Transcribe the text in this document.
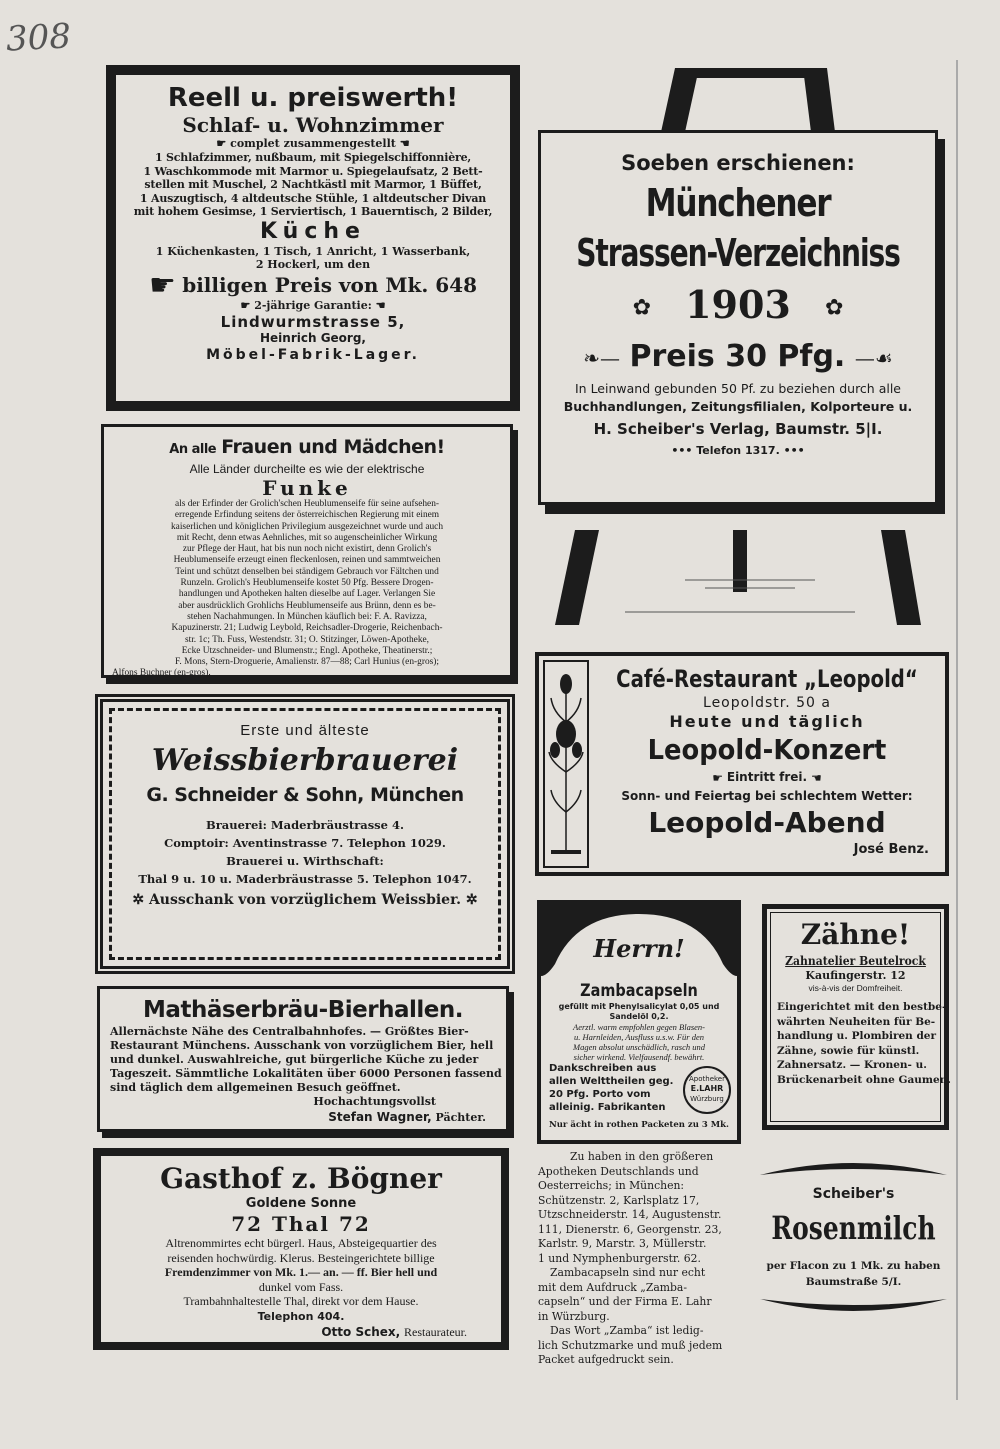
308
Reell u. preiswerth!
Schlaf- u. Wohnzimmer
☛ complet zusammengestellt ☚
1 Schlafzimmer, nußbaum, mit Spiegelschiffonnière,
1 Waschkommode mit Marmor u. Spiegelaufsatz, 2 Bett-
stellen mit Muschel, 2 Nachtkästl mit Marmor, 1 Büffet,
1 Auszugtisch, 4 altdeutsche Stühle, 1 altdeutscher Divan
mit hohem Gesimse, 1 Serviertisch, 1 Bauerntisch, 2 Bilder,
Küche
1 Küchenkasten, 1 Tisch, 1 Anricht, 1 Wasserbank,
2 Hockerl, um den
☛ billigen Preis von Mk. 648
☛ 2-jährige Garantie: ☚
Lindwurmstrasse 5,
Heinrich Georg,
Möbel-Fabrik-Lager.
An alle Frauen und Mädchen!
Alle Länder durcheilte es wie der elektrische
Funke
als der Erfinder der Grolich'schen Heublumenseife für seine aufsehen-
erregende Erfindung seitens der österreichischen Regierung mit einem
kaiserlichen und königlichen Privilegium ausgezeichnet wurde und auch
mit Recht, denn etwas Aehnliches, mit so augenscheinlicher Wirkung
zur Pflege der Haut, hat bis nun noch nicht existirt, denn Grolich's
Heublumenseife erzeugt einen fleckenlosen, reinen und sammtweichen
Teint und schützt denselben bei ständigem Gebrauch vor Fältchen und
Runzeln. Grolich's Heublumenseife kostet 50 Pfg. Bessere Drogen-
handlungen und Apotheken halten dieselbe auf Lager. Verlangen Sie
aber ausdrücklich Grohlichs Heublumenseife aus Brünn, denn es be-
stehen Nachahmungen. In München käuflich bei: F. A. Ravizza,
Kapuzinerstr. 21; Ludwig Leybold, Reichsadler-Drogerie, Reichenbach-
str. 1c; Th. Fuss, Westendstr. 31; O. Stitzinger, Löwen-Apotheke,
Ecke Utzschneider- und Blumenstr.; Engl. Apotheke, Theatinerstr.;
F. Mons, Stern-Droguerie, Amalienstr. 87—88; Carl Hunius (en-gros);
Alfons Buchner (en-gros).
Erste und älteste
Weissbierbrauerei
G. Schneider & Sohn, München
Brauerei: Maderbräustrasse 4.
Comptoir: Aventinstrasse 7. Telephon 1029.
Brauerei u. Wirthschaft:
Thal 9 u. 10 u. Maderbräustrasse 5. Telephon 1047.
✲ Ausschank von vorzüglichem Weissbier. ✲
Mathäserbräu-Bierhallen.
Allernächste Nähe des Centralbahnhofes. — Größtes Bier-
Restaurant Münchens. Ausschank von vorzüglichem Bier, hell
und dunkel. Auswahlreiche, gut bürgerliche Küche zu jeder
Tageszeit. Sämmtliche Lokalitäten über 6000 Personen fassend
sind täglich dem allgemeinen Besuch geöffnet.
Hochachtungsvollst
Stefan Wagner, Pächter.
Gasthof z. Bögner
Goldene Sonne
72 Thal 72
Altrenommirtes echt bürgerl. Haus, Absteigequartier des
reisenden hochwürdig. Klerus. Besteingerichtete billige
Fremdenzimmer von Mk. 1.— an. — ff. Bier hell und
dunkel vom Fass.
Trambahnhaltestelle Thal, direkt vor dem Hause.
Telephon 404.
Otto Schex, Restaurateur.
Soeben erschienen:
Münchener
Strassen-Verzeichniss
✿ 1903 ✿
❧— Preis 30 Pfg. —☙
In Leinwand gebunden 50 Pf. zu beziehen durch alle
Buchhandlungen, Zeitungsfilialen, Kolporteure u.
H. Scheiber's Verlag, Baumstr. 5|I.
••• Telefon 1317. •••
Café-Restaurant „Leopold“
Leopoldstr. 50 a
Heute und täglich
Leopold-Konzert
☛ Eintritt frei. ☚
Sonn- und Feiertag bei schlechtem Wetter:
Leopold-Abend
José Benz.
Herrn!
Zambacapseln
gefüllt mit Phenylsalicylat 0,05 und
Sandelöl 0,2.
Aerztl. warm empfohlen gegen Blasen-
u. Harnleiden, Ausfluss u.s.w. Für den
Magen absolut unschädlich, rasch und
sicher wirkend. Vielfausendf. bewährt.
Dankschreiben aus
allen Welttheilen geg.
20 Pfg. Porto vom
alleinig. Fabrikanten
Apotheker
E.LAHR
Würzburg
Nur ächt in rothen Packeten zu 3 Mk.
Zu haben in den größeren
Apotheken Deutschlands und
Oesterreichs; in München:
Schützenstr. 2, Karlsplatz 17,
Utzschneiderstr. 14, Augustenstr.
111, Dienerstr. 6, Georgenstr. 23,
Karlstr. 9, Marstr. 3, Müllerstr.
1 und Nymphenburgerstr. 62.
Zambacapseln sind nur echt
mit dem Aufdruck „Zamba-
capseln“ und der Firma E. Lahr
in Würzburg.
Das Wort „Zamba“ ist ledig-
lich Schutzmarke und muß jedem
Packet aufgedruckt sein.
Zähne!
Zahnatelier Beutelrock
Kaufingerstr. 12
vis-à-vis der Domfreiheit.
Eingerichtet mit den bestbe-
währten Neuheiten für Be-
handlung u. Plombiren der
Zähne, sowie für künstl.
Zahnersatz. — Kronen- u.
Brückenarbeit ohne Gaumen.
Scheiber's
Rosenmilch
per Flacon zu 1 Mk. zu haben
Baumstraße 5/I.
